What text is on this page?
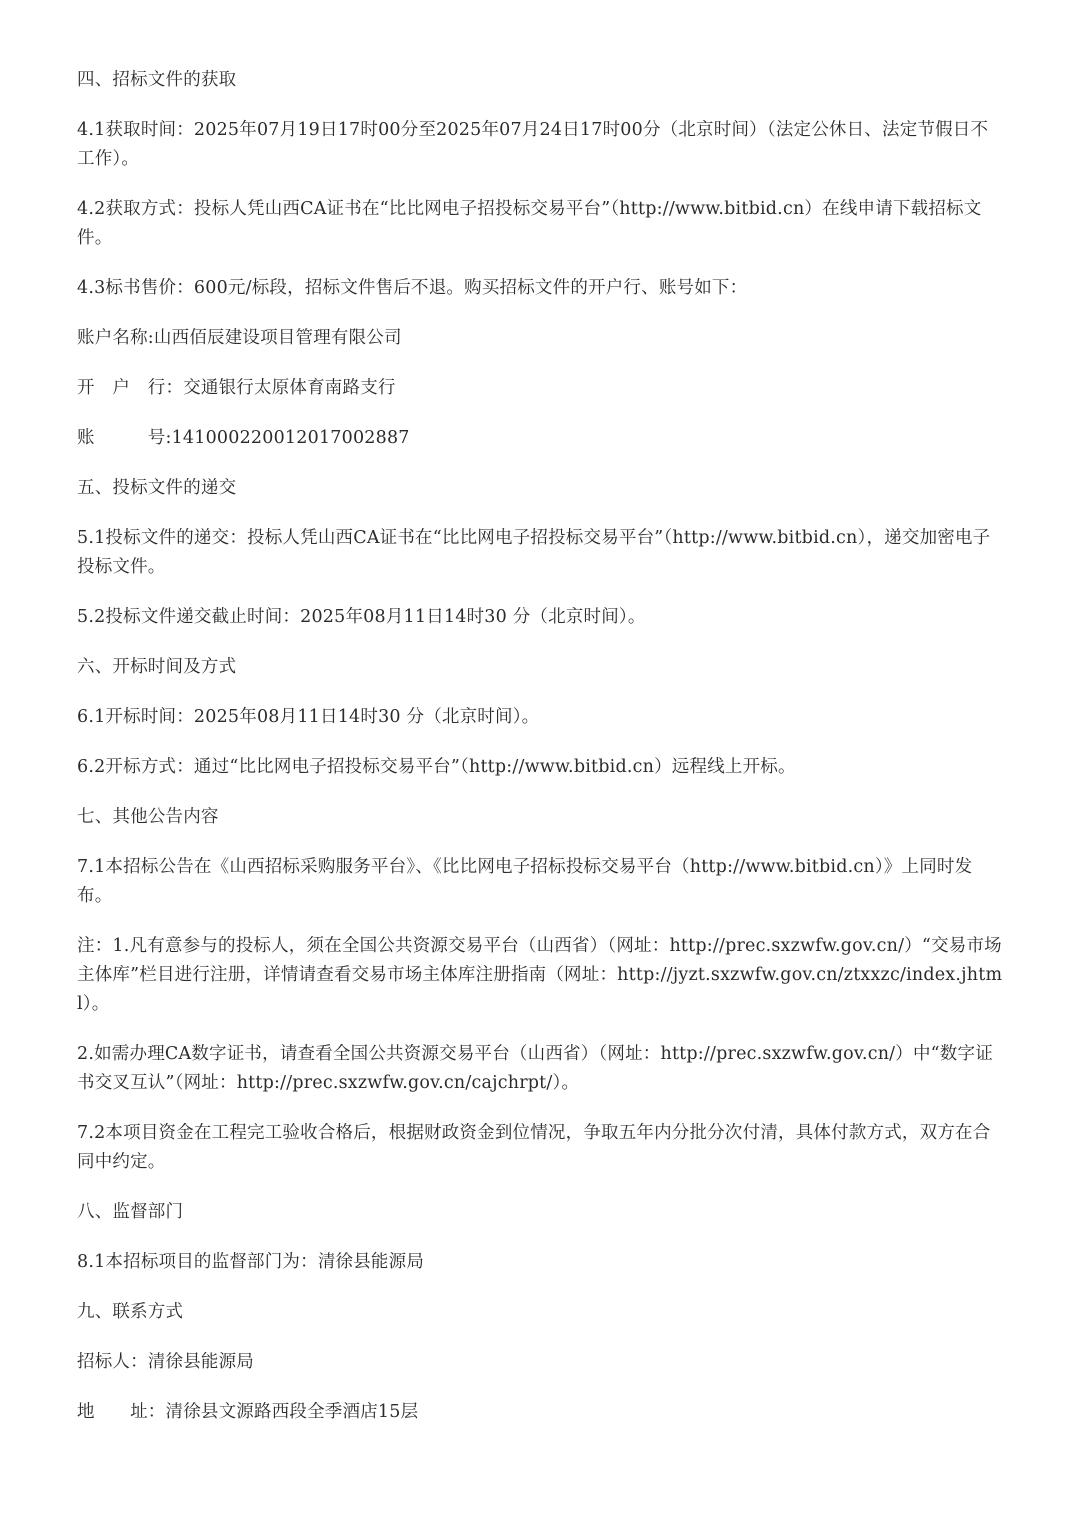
四、招标文件的获取

4.1获取时间：2025年07月19日17时00分至2025年07月24日17时00分（北京时间）（法定公休日、法定节假日不工作）。

4.2获取方式：投标人凭山西CA证书在“比比网电子招投标交易平台”（http://www.bitbid.cn）在线申请下载招标文件。

4.3标书售价：600元/标段，招标文件售后不退。购买招标文件的开户行、账号如下：

账户名称:山西佰辰建设项目管理有限公司

开　户　行：交通银行太原体育南路支行

账　　　号:141000220012017002887

五、投标文件的递交

5.1投标文件的递交：投标人凭山西CA证书在“比比网电子招投标交易平台”（http://www.bitbid.cn），递交加密电子投标文件。

5.2投标文件递交截止时间：2025年08月11日14时30 分（北京时间）。

六、开标时间及方式

6.1开标时间：2025年08月11日14时30 分（北京时间）。

6.2开标方式：通过“比比网电子招投标交易平台”（http://www.bitbid.cn）远程线上开标。

七、其他公告内容

7.1本招标公告在《山西招标采购服务平台》、《比比网电子招标投标交易平台（http://www.bitbid.cn）》上同时发布。

注：1.凡有意参与的投标人，须在全国公共资源交易平台（山西省）（网址：http://prec.sxzwfw.gov.cn/）“交易市场主体库”栏目进行注册，详情请查看交易市场主体库注册指南（网址：http://jyzt.sxzwfw.gov.cn/ztxxzc/index.jhtml）。

2.如需办理CA数字证书，请查看全国公共资源交易平台（山西省）（网址：http://prec.sxzwfw.gov.cn/）中“数字证书交叉互认”（网址：http://prec.sxzwfw.gov.cn/cajchrpt/）。

7.2本项目资金在工程完工验收合格后，根据财政资金到位情况，争取五年内分批分次付清，具体付款方式，双方在合同中约定。

八、监督部门

8.1本招标项目的监督部门为：清徐县能源局

九、联系方式

招标人：清徐县能源局

地　　址：清徐县文源路西段全季酒店15层
